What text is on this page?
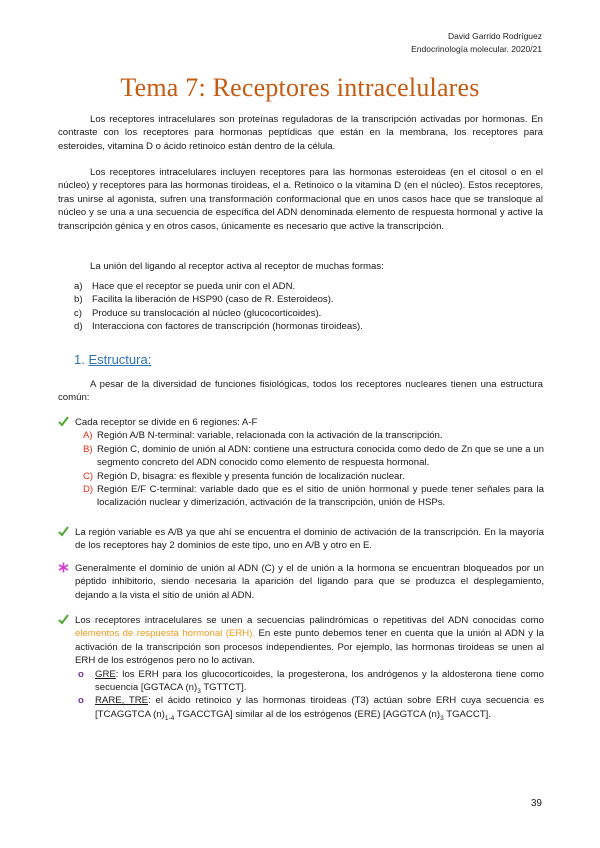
David Garrido Rodríguez
Endocrinología molecular. 2020/21
Tema 7: Receptores intracelulares
Los receptores intracelulares son proteínas reguladoras de la transcripción activadas por hormonas. En contraste con los receptores para hormonas peptídicas que están en la membrana, los receptores para esteroides, vitamina D o ácido retinoico están dentro de la célula.
Los receptores intracelulares incluyen receptores para las hormonas esteroideas (en el citosol o en el núcleo) y receptores para las hormonas tiroideas, el a. Retinoico o la vitamina D (en el núcleo). Estos receptores, tras unirse al agonista, sufren una transformación conformacional que en unos casos hace que se transloque al núcleo y se una a una secuencia de específica del ADN denominada elemento de respuesta hormonal y active la transcripción génica y en otros casos, únicamente es necesario que active la transcripción.
La unión del ligando al receptor activa al receptor de muchas formas:
a) Hace que el receptor se pueda unir con el ADN.
b) Facilita la liberación de HSP90 (caso de R. Esteroideos).
c) Produce su translocación al núcleo (glucocorticoides).
d) Interacciona con factores de transcripción (hormonas tiroideas).
1. Estructura:
A pesar de la diversidad de funciones fisiológicas, todos los receptores nucleares tienen una estructura común:
Cada receptor se divide en 6 regiones: A-F
A) Región A/B N-terminal: variable, relacionada con la activación de la transcripción.
B) Región C, dominio de unión al ADN: contiene una estructura conocida como dedo de Zn que se une a un segmento concreto del ADN conocido como elemento de respuesta hormonal.
C) Región D, bisagra: es flexible y presenta función de localización nuclear.
D) Región E/F C-terminal: variable dado que es el sitio de unión hormonal y puede tener señales para la localización nuclear y dimerización, activación de la transcripción, unión de HSPs.
La región variable es A/B ya que ahí se encuentra el dominio de activación de la transcripción. En la mayoría de los receptores hay 2 dominios de este tipo, uno en A/B y otro en E.
Generalmente el dominio de unión al ADN (C) y el de unión a la hormona se encuentran bloqueados por un péptido inhibitorio, siendo necesaria la aparición del ligando para que se produzca el desplegamiento, dejando a la vista el sitio de unión al ADN.
Los receptores intracelulares se unen a secuencias palindrómicas o repetitivas del ADN conocidas como elementos de respuesta hormonal (ERH). En este punto debemos tener en cuenta que la unión al ADN y la activación de la transcripción son procesos independientes. Por ejemplo, las hormonas tiroideas se unen al ERH de los estrógenos pero no lo activan.
o GRE: los ERH para los glucocorticoides, la progesterona, los andrógenos y la aldosterona tiene como secuencia [GGTACA $(n)_3$ TGTTCT].
o RARE, TRE: el ácido retinoico y las hormonas tiroideas (T3) actúan sobre ERH cuya secuencia es [TCAGGTCA $(n)_{1-4}$ TGACCTGA] similar al de los estrógenos (ERE) [AGGTCA $(n)_3$ TGACCT].
39
